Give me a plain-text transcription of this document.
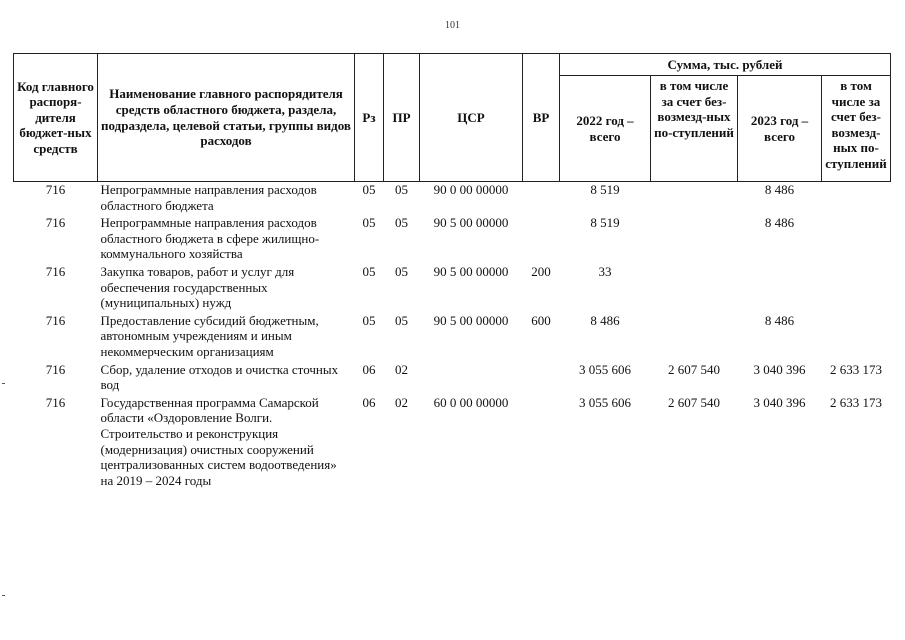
101
Код главного распоря-дителя бюджет-ных средств	Наименование главного распорядителя средств областного бюджета, раздела, подраздела, целевой статьи, группы видов расходов	Рз	ПР	ЦСР	ВР	Сумма, тыс. рублей			
						2022 год – всего	в том числе за счет без-возмезд-ных по-ступлений	2023 год – всего	в том числе за счет без-возмезд-ных по-ступлений
716	Непрограммные направления расходов областного бюджета	05	05	90 0 00 00000		8 519		8 486	
716	Непрограммные направления расходов областного бюджета в сфере жилищно-коммунального хозяйства	05	05	90 5 00 00000		8 519		8 486	
716	Закупка товаров, работ и услуг для обеспечения государственных (муниципальных) нужд	05	05	90 5 00 00000	200	33			
716	Предоставление субсидий бюджетным, автономным учреждениям и иным некоммерческим организациям	05	05	90 5 00 00000	600	8 486		8 486	
716	Сбор, удаление отходов и очистка сточных вод	06	02			3 055 606	2 607 540	3 040 396	2 633 173
716	Государственная программа Самарской области «Оздоровление Волги. Строительство и реконструкция (модернизация) очистных сооружений централизованных систем водоотведения» на 2019 – 2024 годы	06	02	60 0 00 00000		3 055 606	2 607 540	3 040 396	2 633 173
